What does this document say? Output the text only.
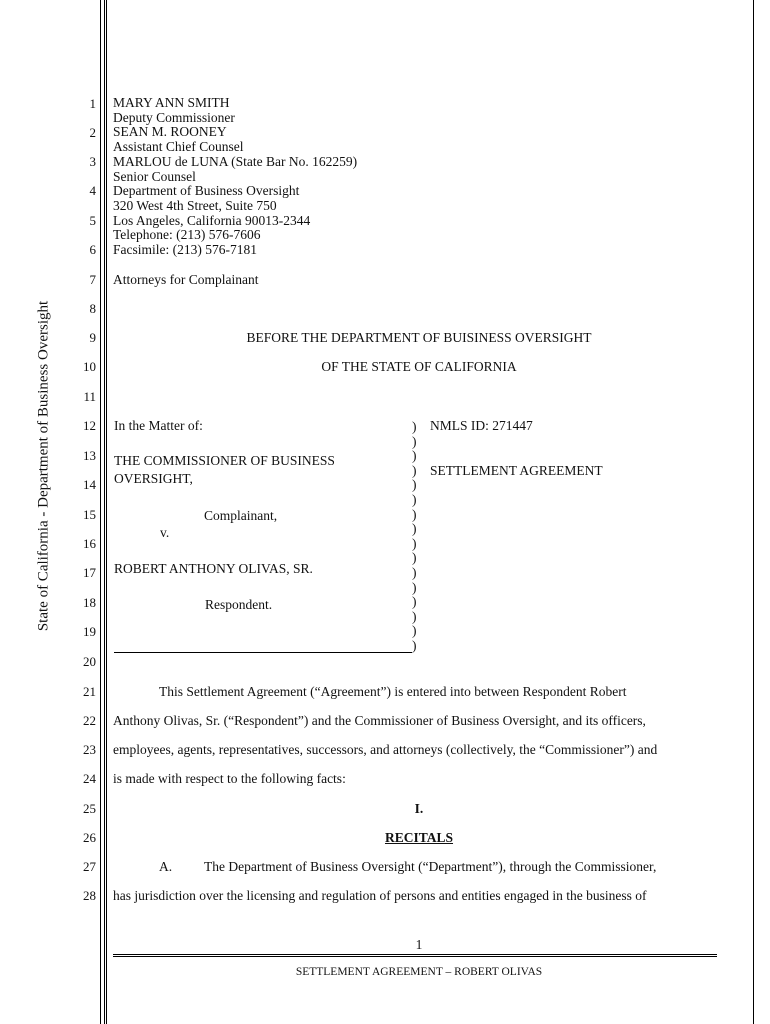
State of California - Department of Business Oversight
1
2
3
4
5
6
7
8
9
10
11
12
13
14
15
16
17
18
19
20
21
22
23
24
25
26
27
28
MARY ANN SMITH
Deputy Commissioner
SEAN M. ROONEY
Assistant Chief Counsel
MARLOU de LUNA (State Bar No. 162259)
Senior Counsel
Department of Business Oversight
320 West 4th Street, Suite 750
Los Angeles, California 90013-2344
Telephone: (213) 576-7606
Facsimile: (213) 576-7181
Attorneys for Complainant
BEFORE THE DEPARTMENT OF BUISINESS OVERSIGHT
OF THE STATE OF CALIFORNIA
In the Matter of:
THE COMMISSIONER OF BUSINESS
OVERSIGHT,
Complainant,
v.
ROBERT ANTHONY OLIVAS, SR.
Respondent.
)
)
)
)
)
)
)
)
)
)
)
)
)
)
)
)
NMLS ID: 271447
SETTLEMENT AGREEMENT
This Settlement Agreement (“Agreement”) is entered into between Respondent Robert
Anthony Olivas, Sr. (“Respondent”) and the Commissioner of Business Oversight, and its officers,
employees, agents, representatives, successors, and attorneys (collectively, the “Commissioner”) and
is made with respect to the following facts:
I.
RECITALS
A. The Department of Business Oversight (“Department”), through the Commissioner,
has jurisdiction over the licensing and regulation of persons and entities engaged in the business of
1
SETTLEMENT AGREEMENT – ROBERT OLIVAS
